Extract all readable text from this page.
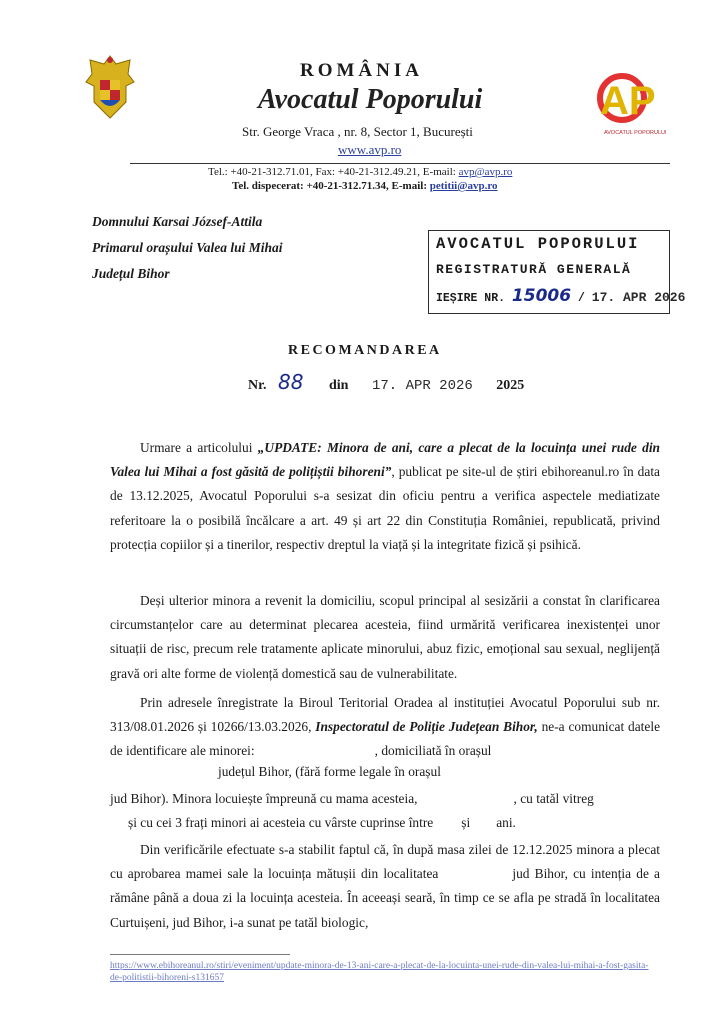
ROMÂNIA
Avocatul Poporului
Str. George Vraca , nr. 8, Sector 1, București
www.avp.ro
AP
AVOCATUL POPORULUI
Tel.: +40-21-312.71.01, Fax: +40-21-312.49.21, E-mail: avp@avp.ro
Tel. dispecerat: +40-21-312.71.34, E-mail: petitii@avp.ro
Domnului Karsai József-Attila
Primarul orașului Valea lui Mihai
Județul Bihor
AVOCATUL POPORULUI
REGISTRATURĂ GENERALĂ
IEȘIRE NR. 15006 / 17. APR 2026
RECOMANDAREA
Nr. 88 din 17. APR 2026 2025

Urmare a articolului „UPDATE: Minora de ani, care a plecat de la locuința unei rude din Valea lui Mihai a fost găsită de polițiștii bihoreni”, publicat pe site-ul de știri ebihoreanul.ro în data de 13.12.2025, Avocatul Poporului s-a sesizat din oficiu pentru a verifica aspectele mediatizate referitoare la o posibilă încălcare a art. 49 și art 22 din Constituția României, republicată, privind protecția copiilor și a tinerilor, respectiv dreptul la viață și la integritate fizică și psihică.

Deși ulterior minora a revenit la domiciliu, scopul principal al sesizării a constat în clarificarea circumstanțelor care au determinat plecarea acesteia, fiind urmărită verificarea inexistenței unor situații de risc, precum rele tratamente aplicate minorului, abuz fizic, emoțional sau sexual, neglijență gravă ori alte forme de violență domestică sau de vulnerabilitate.

Prin adresele înregistrate la Biroul Teritorial Oradea al instituției Avocatul Poporului sub nr. 313/08.01.2026 și 10266/13.03.2026, Inspectoratul de Poliție Județean Bihor, ne-a comunicat datele de identificare ale minorei:	, domiciliată în orașul

județul Bihor, (fără forme legale în orașul
jud Bihor). Minora locuiește împreună cu mama acesteia,	, cu tatăl vitreg
și cu cei 3 frați minori ai acesteia cu vârste cuprinse între și ani.

Din verificările efectuate s-a stabilit faptul că, în după masa zilei de 12.12.2025 minora a plecat cu aprobarea mamei sale la locuința mătușii din localitatea	jud Bihor, cu intenția de a rămâne până a doua zi la locuința acesteia. În aceeași seară, în timp ce se afla pe stradă în localitatea Curtuișeni, jud Bihor, i-a sunat pe tatăl biologic,

https://www.ebihoreanul.ro/stiri/eveniment/update-minora-de-13-ani-care-a-plecat-de-la-locuinta-unei-rude-din-valea-lui-mihai-a-fost-gasita-de-politistii-bihoreni-s131657
